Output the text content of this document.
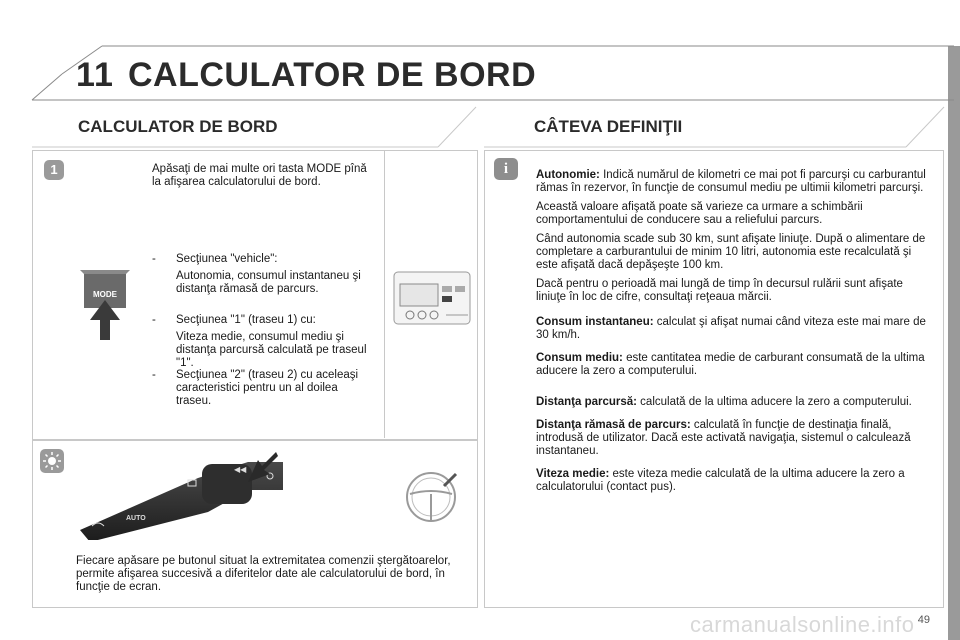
11 CALCULATOR DE BORD
CALCULATOR DE BORD
1	Apăsaţi de mai multe ori tasta MODE pînă la afişarea calculatorului de bord.
MODE
- Secţiunea "vehicle":
Autonomia, consumul instantaneu şi distanţa rămasă de parcurs.
- Secţiunea "1" (traseu 1) cu:
Viteza medie, consumul mediu şi distanţa parcursă calculată pe traseul "1".
- Secţiunea "2" (traseu 2) cu aceleaşi caracteristici pentru un al doilea traseu.
◀◀
AUTO
Fiecare apăsare pe butonul situat la extremitatea comenzii ştergătoarelor, permite afişarea succesivă a diferitelor date ale calculatorului de bord, în funcţie de ecran.
CÂTEVA DEFINIŢII
i	Autonomie: Indică numărul de kilometri ce mai pot fi parcurşi cu carburantul rămas în rezervor, în funcţie de consumul mediu pe ultimii kilometri parcurşi.

Această valoare afişată poate să varieze ca urmare a schimbării comportamentului de conducere sau a reliefului parcurs.

Când autonomia scade sub 30 km, sunt afişate liniuţe. După o alimentare de completare a carburantului de minim 10 litri, autonomia este recalculată şi este afişată dacă depăşeşte 100 km.

Dacă pentru o perioadă mai lungă de timp în decursul rulării sunt afişate liniuţe în loc de cifre, consultaţi reţeaua mărcii.

Consum instantaneu: calculat şi afişat numai când viteza este mai mare de 30 km/h.

Consum mediu: este cantitatea medie de carburant consumată de la ultima aducere la zero a computerului.

Distanţa parcursă: calculată de la ultima aducere la zero a computerului.

Distanţa rămasă de parcurs: calculată în funcţie de destinaţia finală, introdusă de utilizator. Dacă este activată navigaţia, sistemul o calculează instantaneu.

Viteza medie: este viteza medie calculată de la ultima aducere la zero a calculatorului (contact pus).

carmanualsonline.info 49
